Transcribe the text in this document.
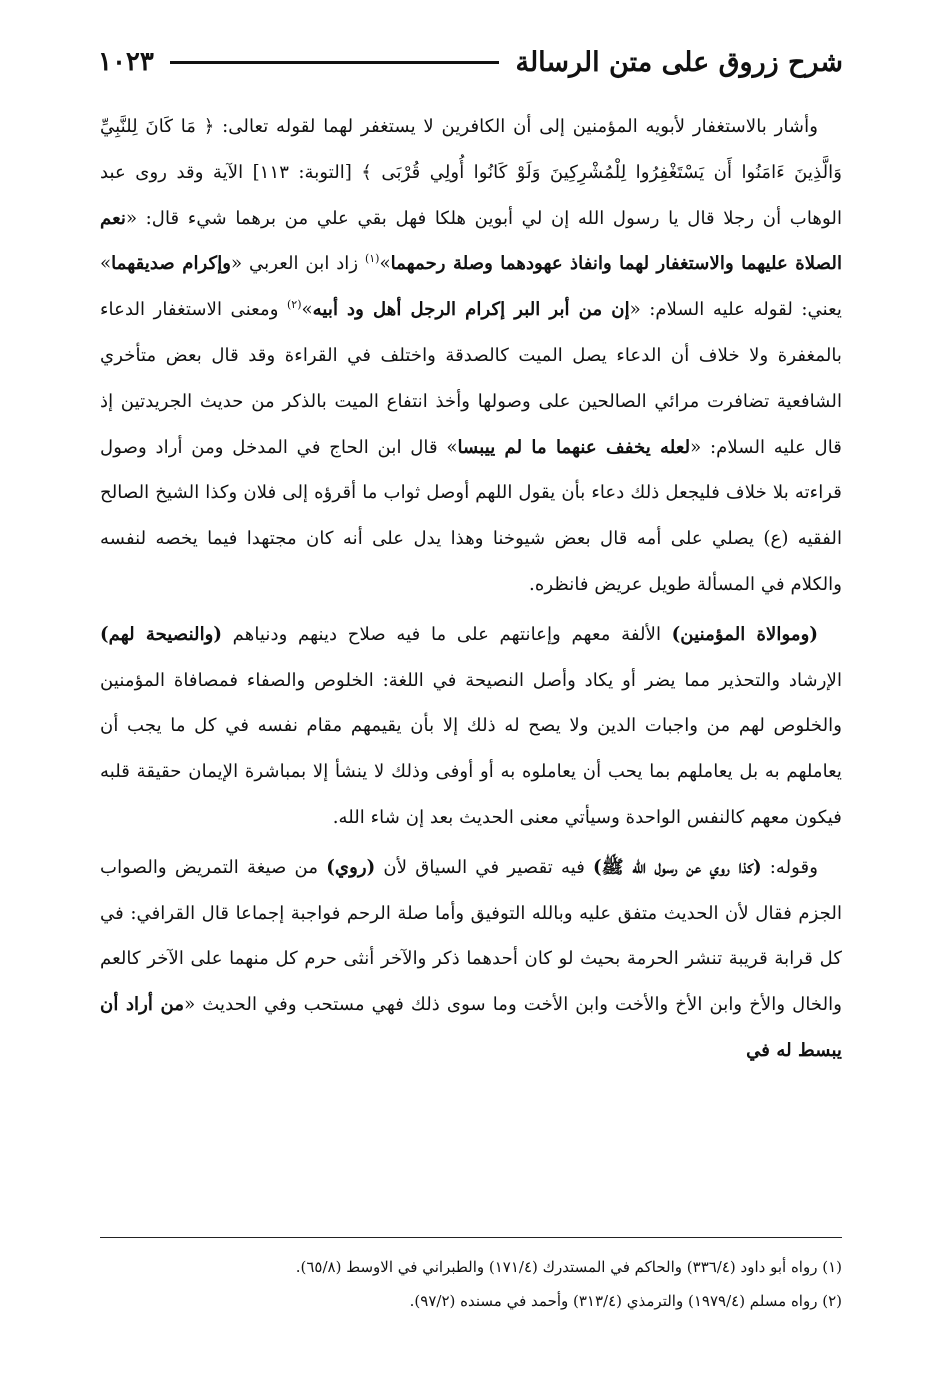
شرح زروق على متن الرسالة
١٠٢٣

وأشار بالاستغفار لأبويه المؤمنين إلى أن الكافرين لا يستغفر لهما لقوله تعالى: ﴿ مَا كَانَ لِلنَّبِيِّ وَالَّذِينَ ءَامَنُوا أَن يَسْتَغْفِرُوا لِلْمُشْرِكِينَ وَلَوْ كَانُوا أُولِي قُرْبَى ﴾ [التوبة: ١١٣] الآية وقد روى عبد الوهاب أن رجلا قال يا رسول الله إن لي أبوين هلكا فهل بقي علي من برهما شيء قال: «نعم الصلاة عليهما والاستغفار لهما وانفاذ عهودهما وصلة رحمهما»$^{(١)}$ زاد ابن العربي «وإكرام صديقهما» يعني: لقوله عليه السلام: «إن من أبر البر إكرام الرجل أهل ود أبيه»$^{(٢)}$ ومعنى الاستغفار الدعاء بالمغفرة ولا خلاف أن الدعاء يصل الميت كالصدقة واختلف في القراءة وقد قال بعض متأخري الشافعية تضافرت مرائي الصالحين على وصولها وأخذ انتفاع الميت بالذكر من حديث الجريدتين إذ قال عليه السلام: «لعله يخفف عنهما ما لم ييبسا» قال ابن الحاج في المدخل ومن أراد وصول قراءته بلا خلاف فليجعل ذلك دعاء بأن يقول اللهم أوصل ثواب ما أقرؤه إلى فلان وكذا الشيخ الصالح الفقيه (ع) يصلي على أمه قال بعض شيوخنا وهذا يدل على أنه كان مجتهدا فيما يخصه لنفسه والكلام في المسألة طويل عريض فانظره.

(وموالاة المؤمنين) الألفة معهم وإعانتهم على ما فيه صلاح دينهم ودنياهم (والنصيحة لهم) الإرشاد والتحذير مما يضر أو يكاد وأصل النصيحة في اللغة: الخلوص والصفاء فمصافاة المؤمنين والخلوص لهم من واجبات الدين ولا يصح له ذلك إلا بأن يقيمهم مقام نفسه في كل ما يجب أن يعاملهم به بل يعاملهم بما يحب أن يعاملوه به أو أوفى وذلك لا ينشأ إلا بمباشرة الإيمان حقيقة قلبه فيكون معهم كالنفس الواحدة وسيأتي معنى الحديث بعد إن شاء الله.

وقوله: (كذا روي عن رسول الله ﷺ) فيه تقصير في السياق لأن (روي) من صيغة التمريض والصواب الجزم فقال لأن الحديث متفق عليه وبالله التوفيق وأما صلة الرحم فواجبة إجماعا قال القرافي: في كل قرابة قريبة تنشر الحرمة بحيث لو كان أحدهما ذكر والآخر أنثى حرم كل منهما على الآخر كالعم والخال والأخ وابن الأخ والأخت وابن الأخت وما سوى ذلك فهي مستحب وفي الحديث «من أراد أن يبسط له في

(١) رواه أبو داود (٣٣٦/٤) والحاكم في المستدرك (١٧١/٤) والطبراني في الاوسط (٦٥/٨).
(٢) رواه مسلم (١٩٧٩/٤) والترمذي (٣١٣/٤) وأحمد في مسنده (٩٧/٢).
